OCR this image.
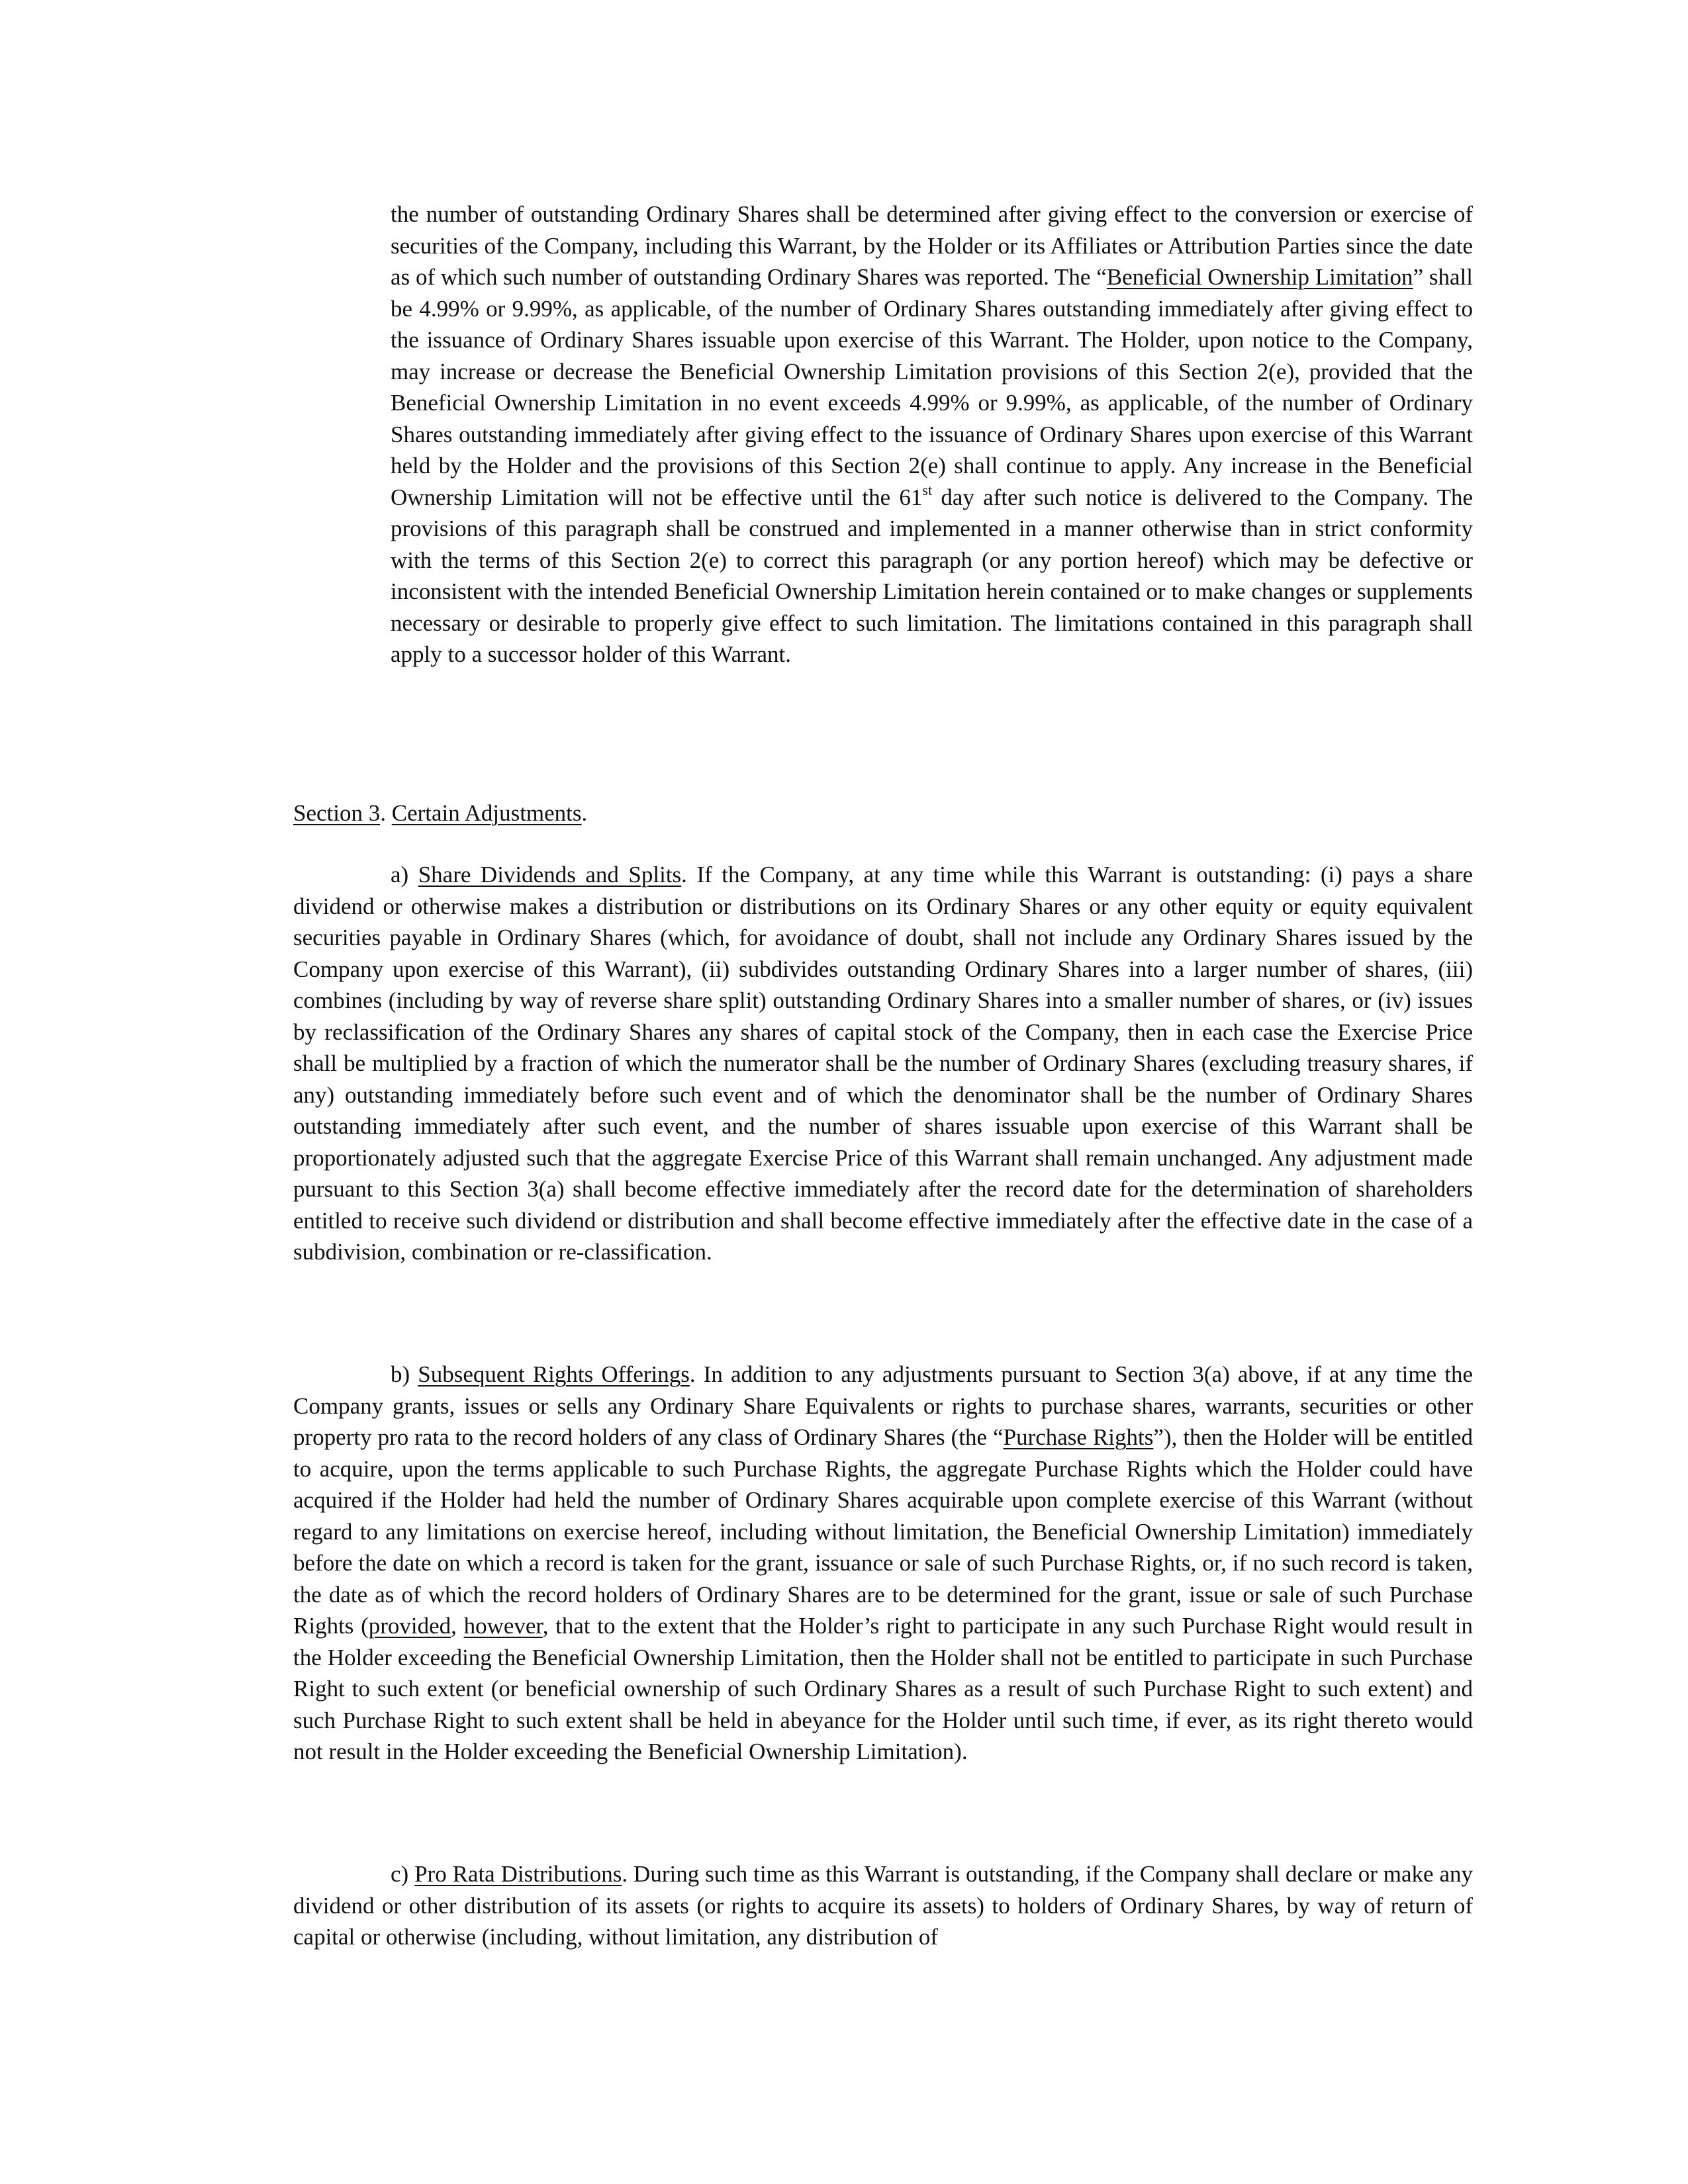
the number of outstanding Ordinary Shares shall be determined after giving effect to the conversion or exercise of securities of the Company, including this Warrant, by the Holder or its Affiliates or Attribution Parties since the date as of which such number of outstanding Ordinary Shares was reported. The “Beneficial Ownership Limitation” shall be 4.99% or 9.99%, as applicable, of the number of Ordinary Shares outstanding immediately after giving effect to the issuance of Ordinary Shares issuable upon exercise of this Warrant. The Holder, upon notice to the Company, may increase or decrease the Beneficial Ownership Limitation provisions of this Section 2(e), provided that the Beneficial Ownership Limitation in no event exceeds 4.99% or 9.99%, as applicable, of the number of Ordinary Shares outstanding immediately after giving effect to the issuance of Ordinary Shares upon exercise of this Warrant held by the Holder and the provisions of this Section 2(e) shall continue to apply. Any increase in the Beneficial Ownership Limitation will not be effective until the 61st day after such notice is delivered to the Company. The provisions of this paragraph shall be construed and implemented in a manner otherwise than in strict conformity with the terms of this Section 2(e) to correct this paragraph (or any portion hereof) which may be defective or inconsistent with the intended Beneficial Ownership Limitation herein contained or to make changes or supplements necessary or desirable to properly give effect to such limitation. The limitations contained in this paragraph shall apply to a successor holder of this Warrant.

Section 3. Certain Adjustments.

a) Share Dividends and Splits. If the Company, at any time while this Warrant is outstanding: (i) pays a share dividend or otherwise makes a distribution or distributions on its Ordinary Shares or any other equity or equity equivalent securities payable in Ordinary Shares (which, for avoidance of doubt, shall not include any Ordinary Shares issued by the Company upon exercise of this Warrant), (ii) subdivides outstanding Ordinary Shares into a larger number of shares, (iii) combines (including by way of reverse share split) outstanding Ordinary Shares into a smaller number of shares, or (iv) issues by reclassification of the Ordinary Shares any shares of capital stock of the Company, then in each case the Exercise Price shall be multiplied by a fraction of which the numerator shall be the number of Ordinary Shares (excluding treasury shares, if any) outstanding immediately before such event and of which the denominator shall be the number of Ordinary Shares outstanding immediately after such event, and the number of shares issuable upon exercise of this Warrant shall be proportionately adjusted such that the aggregate Exercise Price of this Warrant shall remain unchanged. Any adjustment made pursuant to this Section 3(a) shall become effective immediately after the record date for the determination of shareholders entitled to receive such dividend or distribution and shall become effective immediately after the effective date in the case of a subdivision, combination or re-classification.

b) Subsequent Rights Offerings. In addition to any adjustments pursuant to Section 3(a) above, if at any time the Company grants, issues or sells any Ordinary Share Equivalents or rights to purchase shares, warrants, securities or other property pro rata to the record holders of any class of Ordinary Shares (the “Purchase Rights”), then the Holder will be entitled to acquire, upon the terms applicable to such Purchase Rights, the aggregate Purchase Rights which the Holder could have acquired if the Holder had held the number of Ordinary Shares acquirable upon complete exercise of this Warrant (without regard to any limitations on exercise hereof, including without limitation, the Beneficial Ownership Limitation) immediately before the date on which a record is taken for the grant, issuance or sale of such Purchase Rights, or, if no such record is taken, the date as of which the record holders of Ordinary Shares are to be determined for the grant, issue or sale of such Purchase Rights (provided, however, that to the extent that the Holder’s right to participate in any such Purchase Right would result in the Holder exceeding the Beneficial Ownership Limitation, then the Holder shall not be entitled to participate in such Purchase Right to such extent (or beneficial ownership of such Ordinary Shares as a result of such Purchase Right to such extent) and such Purchase Right to such extent shall be held in abeyance for the Holder until such time, if ever, as its right thereto would not result in the Holder exceeding the Beneficial Ownership Limitation).

c) Pro Rata Distributions. During such time as this Warrant is outstanding, if the Company shall declare or make any dividend or other distribution of its assets (or rights to acquire its assets) to holders of Ordinary Shares, by way of return of capital or otherwise (including, without limitation, any distribution of
